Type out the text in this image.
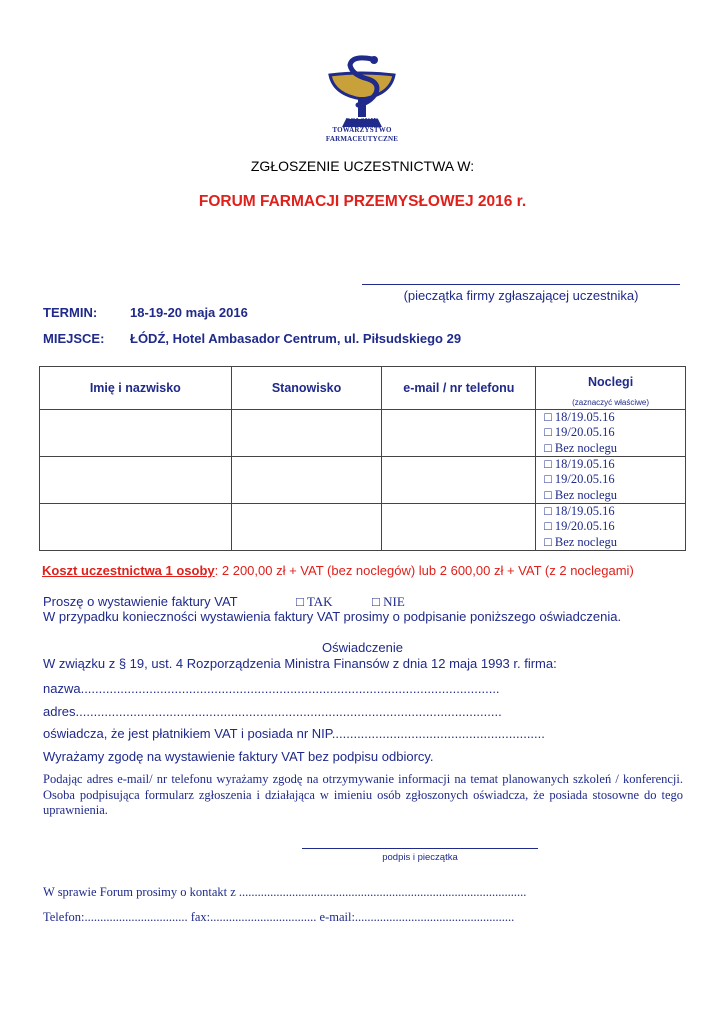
POLSKIE
TOWARZYSTWO
FARMACEUTYCZNE
ZGŁOSZENIE UCZESTNICTWA W:
FORUM FARMACJI PRZEMYSŁOWEJ 2016 r.
(pieczątka firmy zgłaszającej uczestnika)
TERMIN:	18-19-20 maja 2016
MIEJSCE: ŁÓDŹ, Hotel Ambasador Centrum, ul. Piłsudskiego 29
Imię i nazwisko	Stanowisko	e-mail / nr telefonu	Noclegi
(zaznaczyć właściwe)

			□ 18/19.05.16
□ 19/20.05.16
□ Bez noclegu

			□ 18/19.05.16
□ 19/20.05.16
□ Bez noclegu

			□ 18/19.05.16
□ 19/20.05.16
□ Bez noclegu
Koszt uczestnictwa 1 osoby: 2 200,00 zł + VAT (bez noclegów) lub 2 600,00 zł + VAT (z 2 noclegami)
Proszę o wystawienie faktury VAT	□ TAK	□ NIE
W przypadku konieczności wystawienia faktury VAT prosimy o podpisanie poniższego oświadczenia.
Oświadczenie
W związku z § 19, ust. 4 Rozporządzenia Ministra Finansów z dnia 12 maja 1993 r. firma:
nazwa....................................................................................................................
adres......................................................................................................................
oświadcza, że jest płatnikiem VAT i posiada nr NIP...........................................................
Wyrażamy zgodę na wystawienie faktury VAT bez podpisu odbiorcy.
Podając adres e-mail/ nr telefonu wyrażamy zgodę na otrzymywanie informacji na temat planowanych szkoleń / konferencji. Osoba podpisująca formularz zgłoszenia i działająca w imieniu osób zgłoszonych oświadcza, że posiada stosowne do tego uprawnienia.
podpis i pieczątka
W sprawie Forum prosimy o kontakt z ............................................................................................
Telefon:................................. fax:.................................. e-mail:...................................................
